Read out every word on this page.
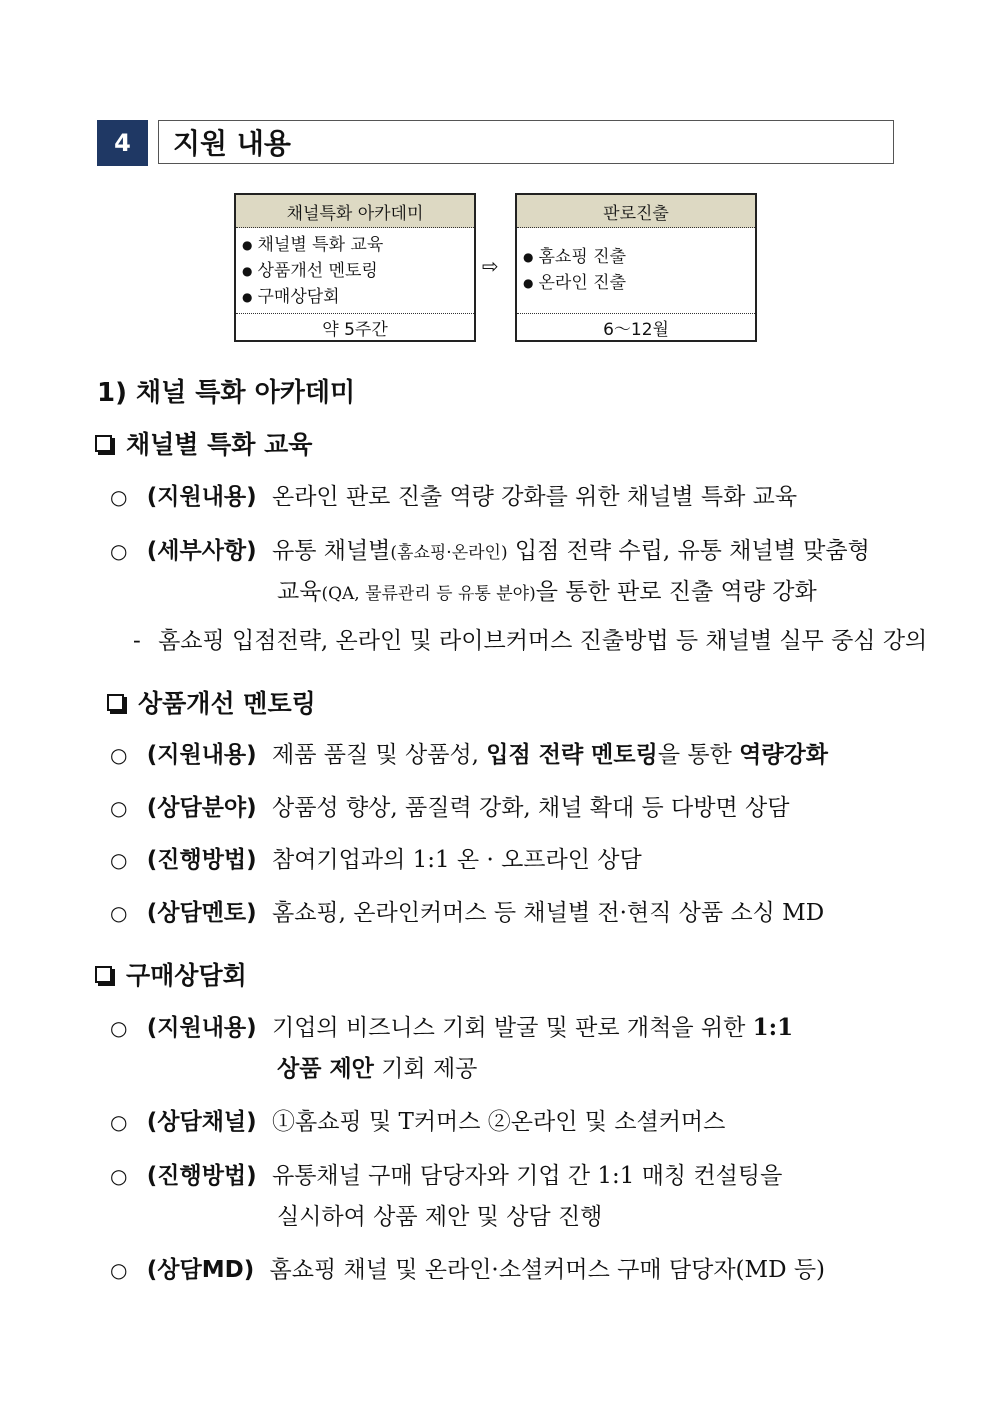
4	지원 내용
채널특화 아카데미
● 채널별 특화 교육
● 상품개선 멘토링
● 구매상담회
약 5주간
⇨
판로진출
● 홈쇼핑 진출
● 온라인 진출
6～12월
1) 채널 특화 아카데미
채널별 특화 교육
○ (지원내용) 온라인 판로 진출 역량 강화를 위한 채널별 특화 교육
○ (세부사항) 유통 채널별(홈쇼핑·온라인) 입점 전략 수립, 유통 채널별 맞춤형
교육(QA, 물류관리 등 유통 분야)을 통한 판로 진출 역량 강화
- 홈쇼핑 입점전략, 온라인 및 라이브커머스 진출방법 등 채널별 실무 중심 강의
상품개선 멘토링
○ (지원내용) 제품 품질 및 상품성, 입점 전략 멘토링을 통한 역량강화
○ (상담분야) 상품성 향상, 품질력 강화, 채널 확대 등 다방면 상담
○ (진행방법) 참여기업과의 1:1 온 · 오프라인 상담
○ (상담멘토) 홈쇼핑, 온라인커머스 등 채널별 전·현직 상품 소싱 MD
구매상담회
○ (지원내용) 기업의 비즈니스 기회 발굴 및 판로 개척을 위한 1:1
상품 제안 기회 제공
○ (상담채널) ①홈쇼핑 및 T커머스 ②온라인 및 소셜커머스
○ (진행방법) 유통채널 구매 담당자와 기업 간 1:1 매칭 컨설팅을
실시하여 상품 제안 및 상담 진행
○ (상담MD) 홈쇼핑 채널 및 온라인·소셜커머스 구매 담당자(MD 등)
